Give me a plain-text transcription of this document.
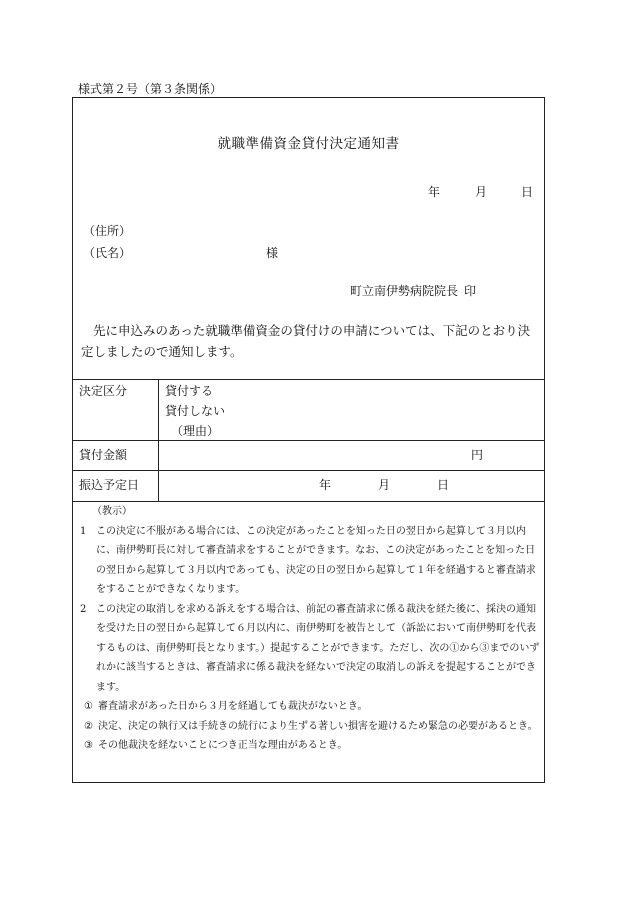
様式第２号（第３条関係）
就職準備資金貸付決定通知書
年	月	日
（住所）
（氏名）	様
町立南伊勢病院院長 印

先に申込みのあった就職準備資金の貸付けの申請については、下記のとおり決定しましたので通知します。

決定区分	貸付する
貸付しない
（理由）
貸付金額	円
振込予定日	年	月	日
（教示）
1 この決定に不服がある場合には、この決定があったことを知った日の翌日から起算して３月以内に、南伊勢町長に対して審査請求をすることができます。なお、この決定があったことを知った日の翌日から起算して３月以内であっても、決定の日の翌日から起算して１年を経過すると審査請求をすることができなくなります。
2 この決定の取消しを求める訴えをする場合は、前記の審査請求に係る裁決を経た後に、採決の通知を受けた日の翌日から起算して６月以内に、南伊勢町を被告として（訴訟において南伊勢町を代表するものは、南伊勢町長となります。）提起することができます。ただし、次の①から③までのいずれかに該当するときは、審査請求に係る裁決を経ないで決定の取消しの訴えを提起することができます。
① 審査請求があった日から３月を経過しても裁決がないとき。
② 決定、決定の執行又は手続きの続行により生ずる著しい損害を避けるため緊急の必要があるとき。
③ その他裁決を経ないことにつき正当な理由があるとき。
